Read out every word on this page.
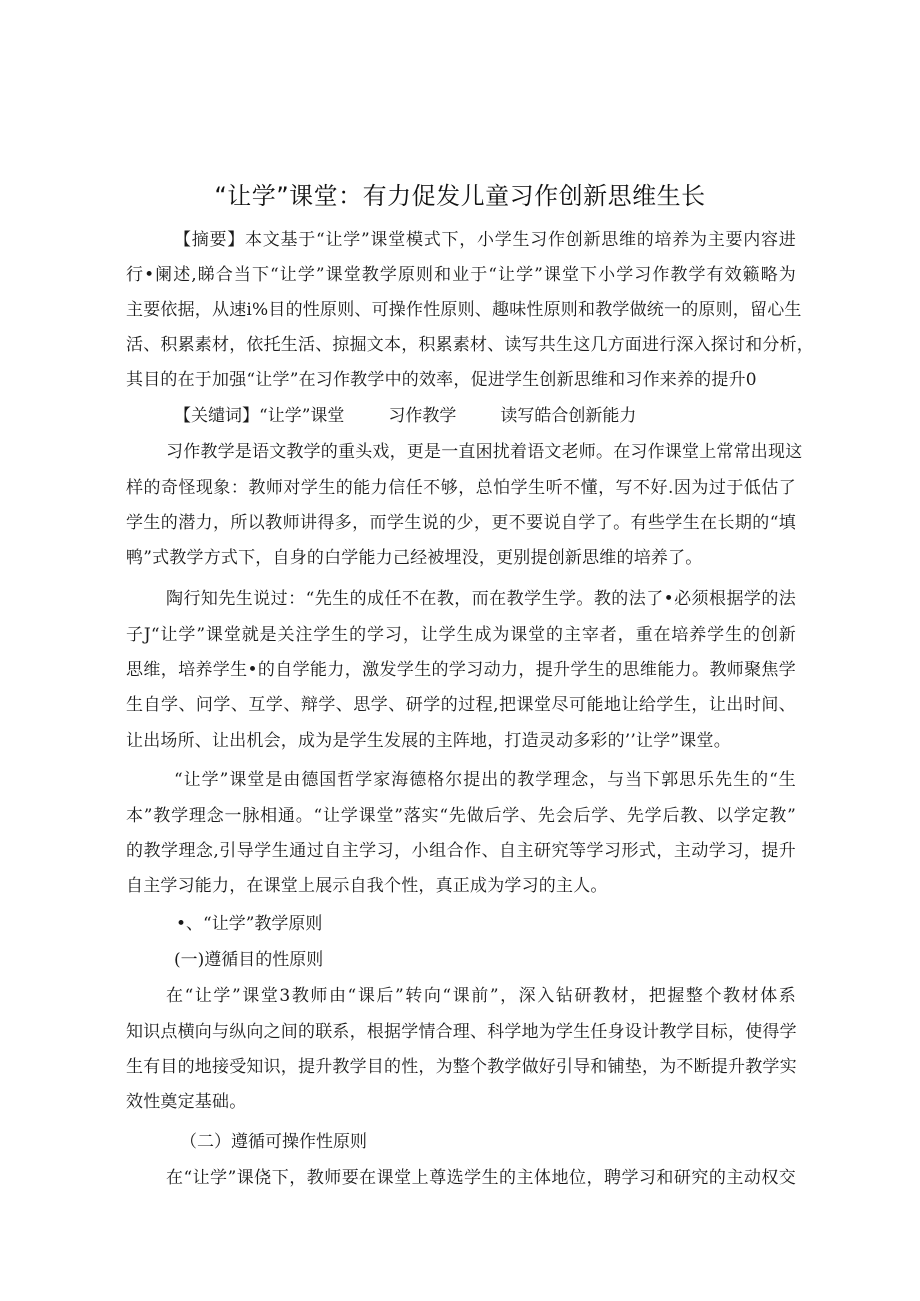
“让学”课堂：有力促发儿童习作创新思维生长
【摘要】本文基于“让学”课堂模式下，小学生习作创新思维的培养为主要内容进
行•阑述,睇合当下“让学”课堂教学原则和业于“让学”课堂下小学习作教学有效籁略为
主要依据，从速i%目的性原则、可操作性原则、趣味性原则和教学做统一的原则，留心生
活、积累素材，依托生活、掠掘文本，积累素材、读写共生这几方面进行深入探讨和分析，
其目的在于加强“让学”在习作教学中的效率，促进学生创新思维和习作来养的提升0
【关缱词】“让学”课堂	习作教学	读写皓合创新能力
习作教学是语文教学的重头戏，更是一直困扰着语文老师。在习作课堂上常常出现这
样的奇怪现象：教师对学生的能力信任不够，总怕学生听不懂，写不好.因为过于低估了
学生的潜力，所以教师讲得多，而学生说的少，更不要说自学了。有些学生在长期的“填
鸭”式教学方式下，自身的白学能力己经被埋没，更别提创新思维的培养了。
陶行知先生说过：“先生的成任不在教，而在教学生学。教的法了•必须根据学的法
子J“让学”课堂就是关注学生的学习，让学生成为课堂的主宰者，重在培养学生的创新
思维，培养学生•的自学能力，激发学生的学习动力，提升学生的思维能力。教师聚焦学
生自学、问学、互学、辩学、思学、研学的过程,把课堂尽可能地让给学生，让出时间、
让出场所、让出机会，成为是学生发展的主阵地，打造灵动多彩的’’让学”课堂。
“让学”课堂是由德国哲学家海德格尔提出的教学理念，与当下郭思乐先生的“生
本”教学理念一脉相通。“让学课堂”落实“先做后学、先会后学、先学后教、以学定教”
的教学理念,引导学生通过自主学习，小组合作、自主研究等学习形式，主动学习，提升
自主学习能力，在课堂上展示自我个性，真正成为学习的主人。
•、“让学”教学原则
(一)遵循目的性原则
在“让学”课堂3教师由“课后”转向“课前”，深入钻研教材，把握整个教材体系
知识点横向与纵向之间的联系，根据学情合理、科学地为学生任身设计教学目标，使得学
生有目的地接受知识，提升教学目的性，为整个教学做好引导和铺垫，为不断提升教学实
效性奠定基础。
（二）遵循可操作性原则
在“让学”课侥下，教师要在课堂上尊选学生的主体地位，聘学习和研究的主动权交
